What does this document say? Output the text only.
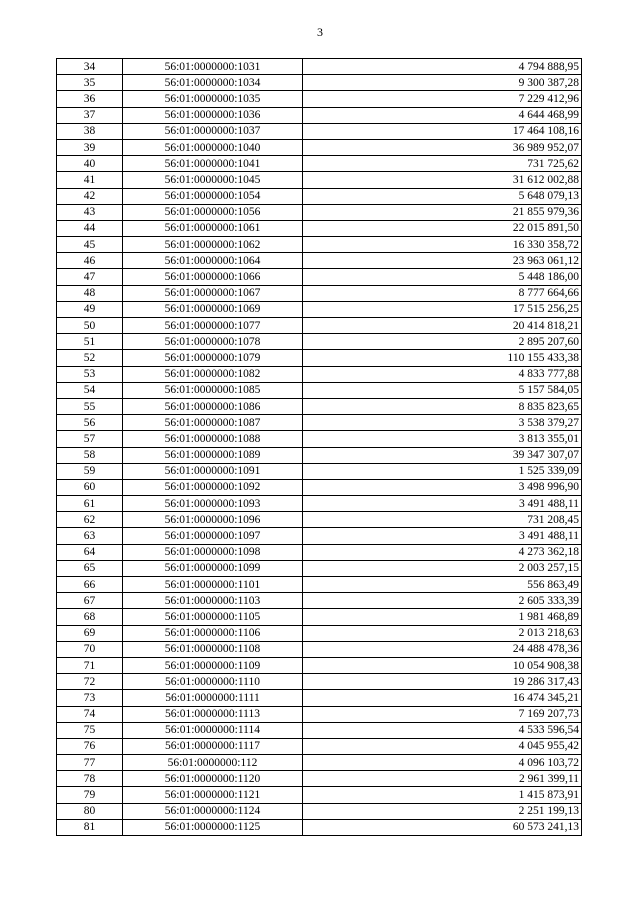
3
34	56:01:0000000:1031	4 794 888,95
35	56:01:0000000:1034	9 300 387,28
36	56:01:0000000:1035	7 229 412,96
37	56:01:0000000:1036	4 644 468,99
38	56:01:0000000:1037	17 464 108,16
39	56:01:0000000:1040	36 989 952,07
40	56:01:0000000:1041	731 725,62
41	56:01:0000000:1045	31 612 002,88
42	56:01:0000000:1054	5 648 079,13
43	56:01:0000000:1056	21 855 979,36
44	56:01:0000000:1061	22 015 891,50
45	56:01:0000000:1062	16 330 358,72
46	56:01:0000000:1064	23 963 061,12
47	56:01:0000000:1066	5 448 186,00
48	56:01:0000000:1067	8 777 664,66
49	56:01:0000000:1069	17 515 256,25
50	56:01:0000000:1077	20 414 818,21
51	56:01:0000000:1078	2 895 207,60
52	56:01:0000000:1079	110 155 433,38
53	56:01:0000000:1082	4 833 777,88
54	56:01:0000000:1085	5 157 584,05
55	56:01:0000000:1086	8 835 823,65
56	56:01:0000000:1087	3 538 379,27
57	56:01:0000000:1088	3 813 355,01
58	56:01:0000000:1089	39 347 307,07
59	56:01:0000000:1091	1 525 339,09
60	56:01:0000000:1092	3 498 996,90
61	56:01:0000000:1093	3 491 488,11
62	56:01:0000000:1096	731 208,45
63	56:01:0000000:1097	3 491 488,11
64	56:01:0000000:1098	4 273 362,18
65	56:01:0000000:1099	2 003 257,15
66	56:01:0000000:1101	556 863,49
67	56:01:0000000:1103	2 605 333,39
68	56:01:0000000:1105	1 981 468,89
69	56:01:0000000:1106	2 013 218,63
70	56:01:0000000:1108	24 488 478,36
71	56:01:0000000:1109	10 054 908,38
72	56:01:0000000:1110	19 286 317,43
73	56:01:0000000:1111	16 474 345,21
74	56:01:0000000:1113	7 169 207,73
75	56:01:0000000:1114	4 533 596,54
76	56:01:0000000:1117	4 045 955,42
77	56:01:0000000:112	4 096 103,72
78	56:01:0000000:1120	2 961 399,11
79	56:01:0000000:1121	1 415 873,91
80	56:01:0000000:1124	2 251 199,13
81	56:01:0000000:1125	60 573 241,13
